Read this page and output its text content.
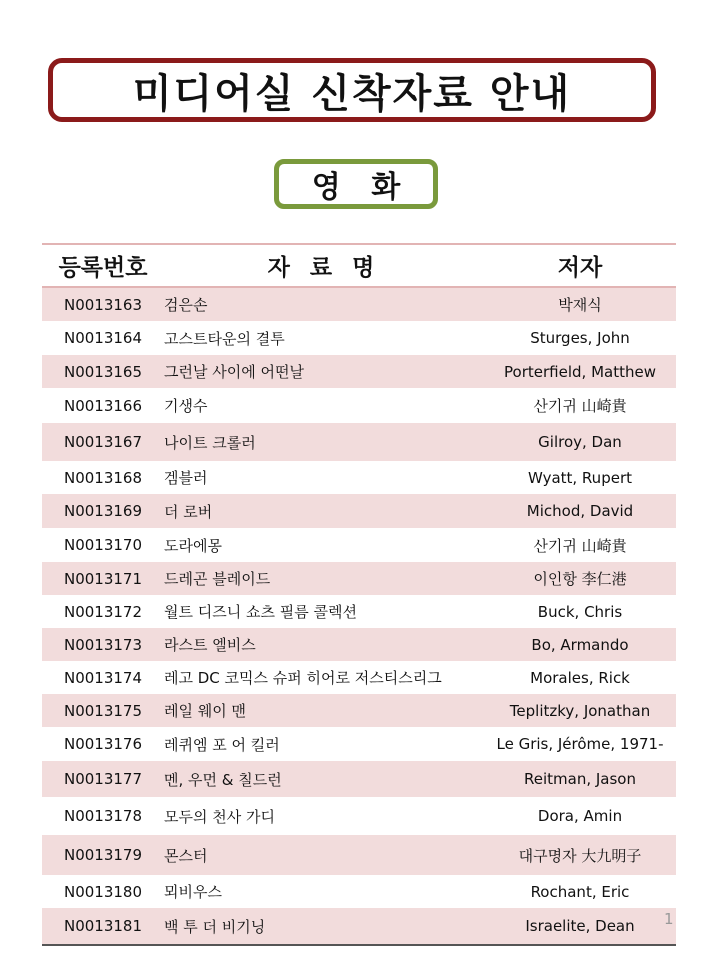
미디어실 신착자료 안내
영 화
등록번호	자 료 명	저자
N0013163	검은손	박재식
N0013164	고스트타운의 결투	Sturges, John
N0013165	그런날 사이에 어떤날	Porterfield, Matthew
N0013166	기생수	산기귀 山崎貴
N0013167	나이트 크롤러	Gilroy, Dan
N0013168	겜블러	Wyatt, Rupert
N0013169	더 로버	Michod, David
N0013170	도라에몽	산기귀 山崎貴
N0013171	드레곤 블레이드	이인항 李仁港
N0013172	월트 디즈니 쇼츠 필름 콜렉션	Buck, Chris
N0013173	라스트 엘비스	Bo, Armando
N0013174	레고 DC 코믹스 슈퍼 히어로 저스티스리그	Morales, Rick
N0013175	레일 웨이 맨	Teplitzky, Jonathan
N0013176	레퀴엠 포 어 킬러	Le Gris, Jérôme, 1971-
N0013177	멘, 우먼 & 칠드런	Reitman, Jason
N0013178	모두의 천사 가디	Dora, Amin
N0013179	몬스터	대구명자 大九明子
N0013180	뫼비우스	Rochant, Eric
N0013181	백 투 더 비기닝	Israelite, Dean	1
